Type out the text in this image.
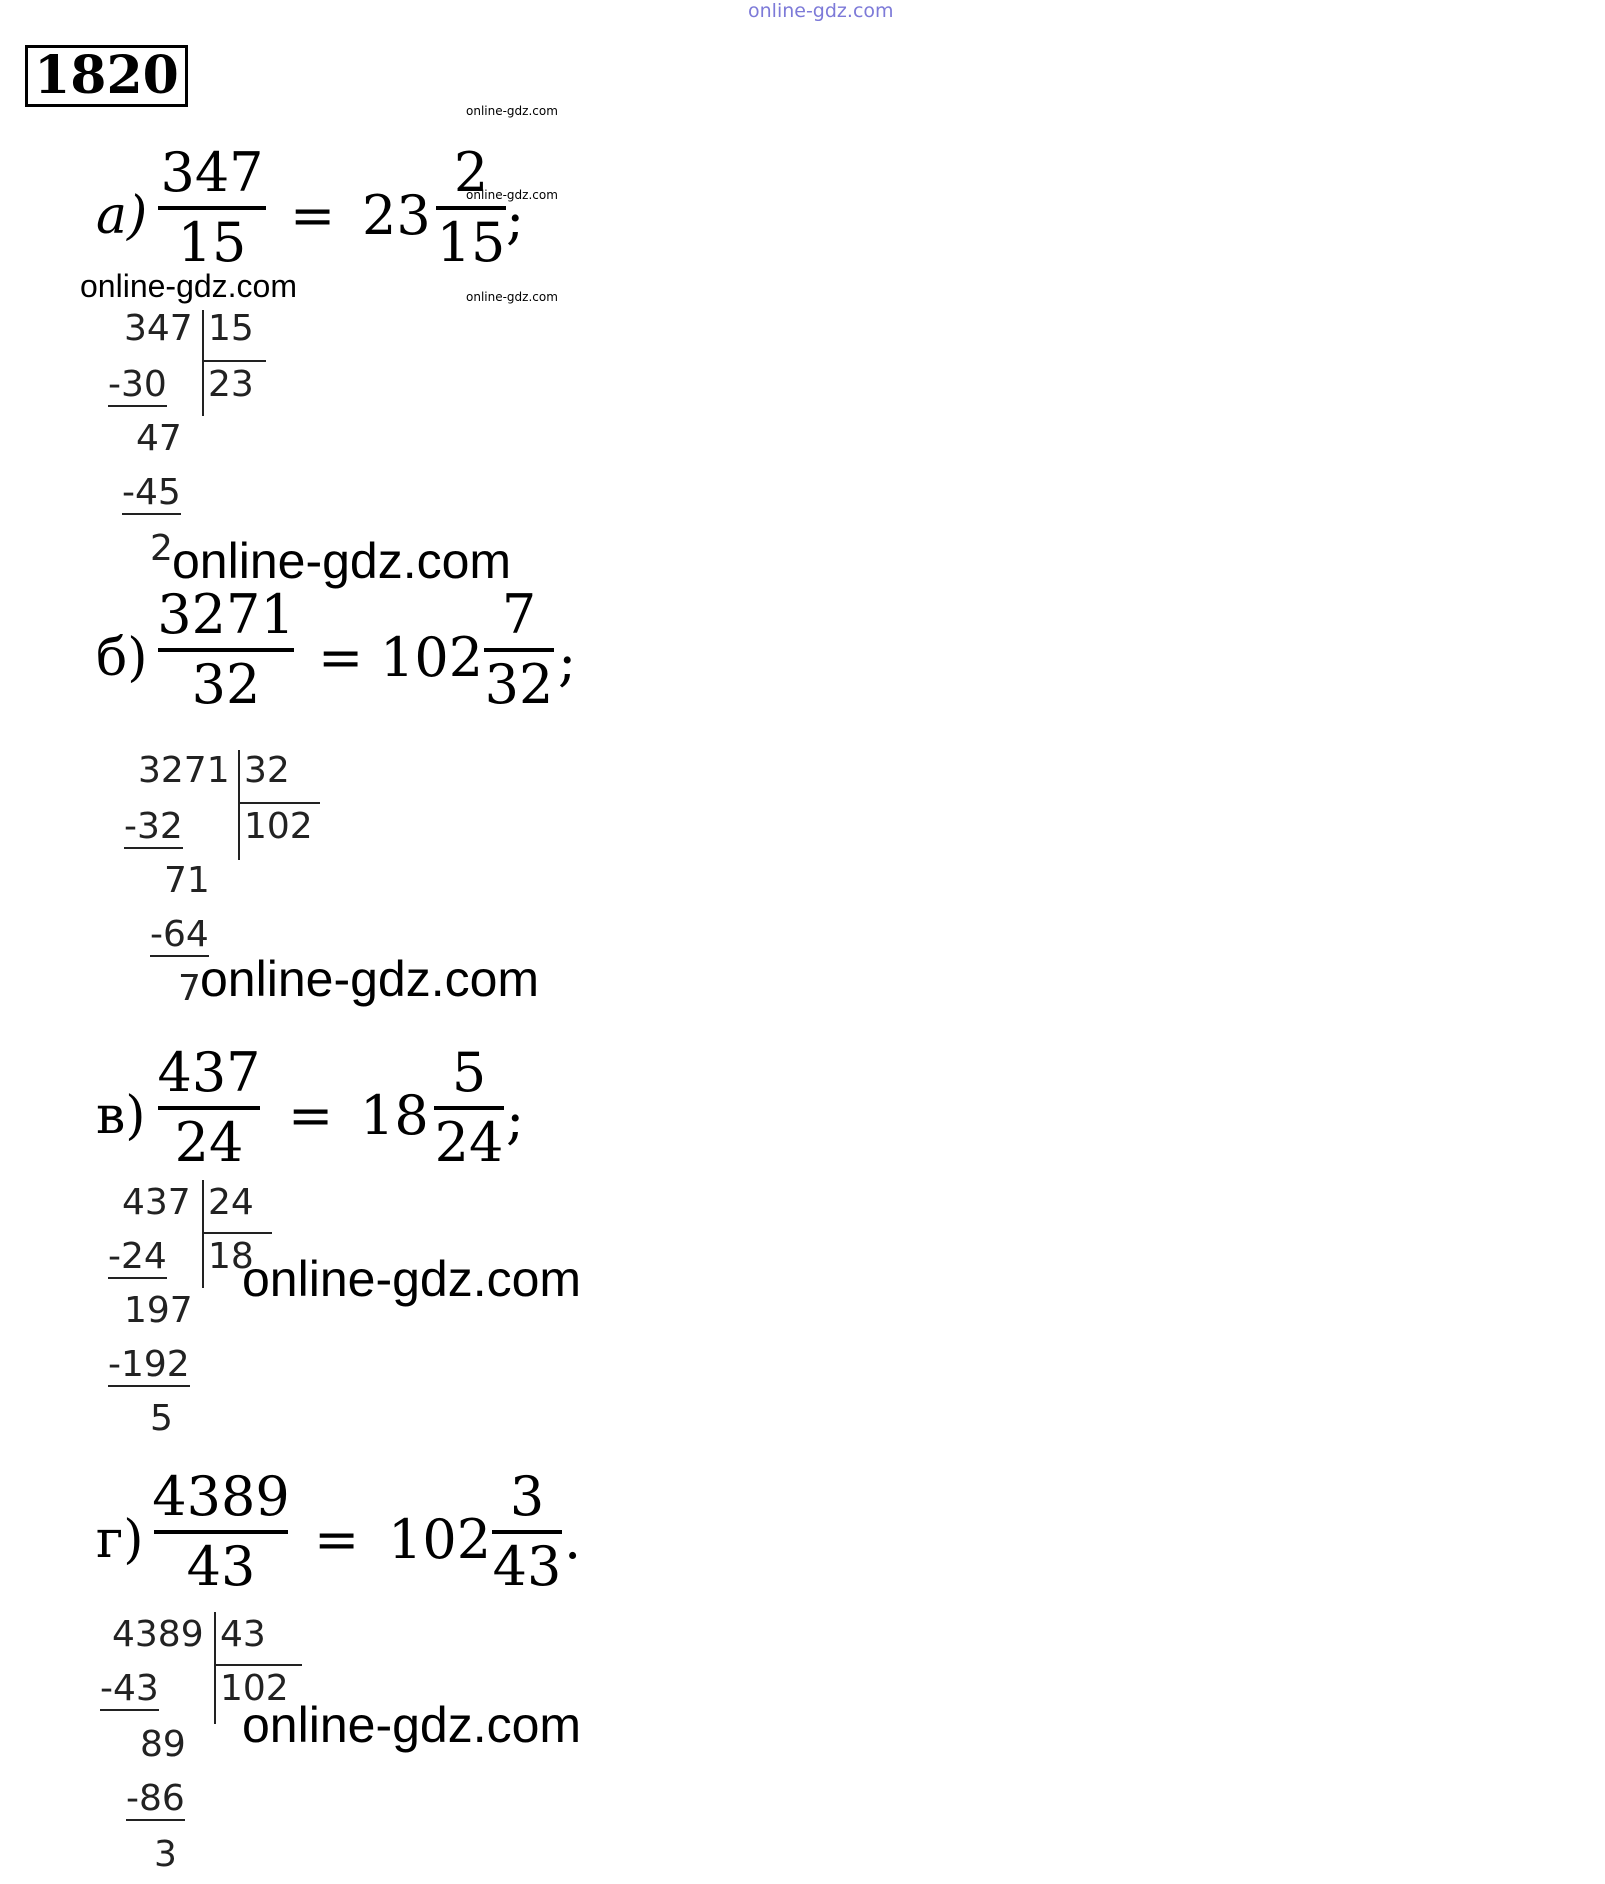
online-gdz.com
1820
online-gdz.com
online-gdz.com
online-gdz.com
online-gdz.com
а)
347
15 = 23
2
15 ;
347 15
23
-30
47
-45
2 online-gdz.com
б)
3271
32 = 102
7
32 ;
3271 32
102
-32
71
-64
7 online-gdz.com
в)
437
24 = 18
5
24 ;
437 24
18
-24
197
-192
5
online-gdz.com
г)
4389
43 = 102
3
43 .
4389 43
102
-43
89
-86
3
online-gdz.com
